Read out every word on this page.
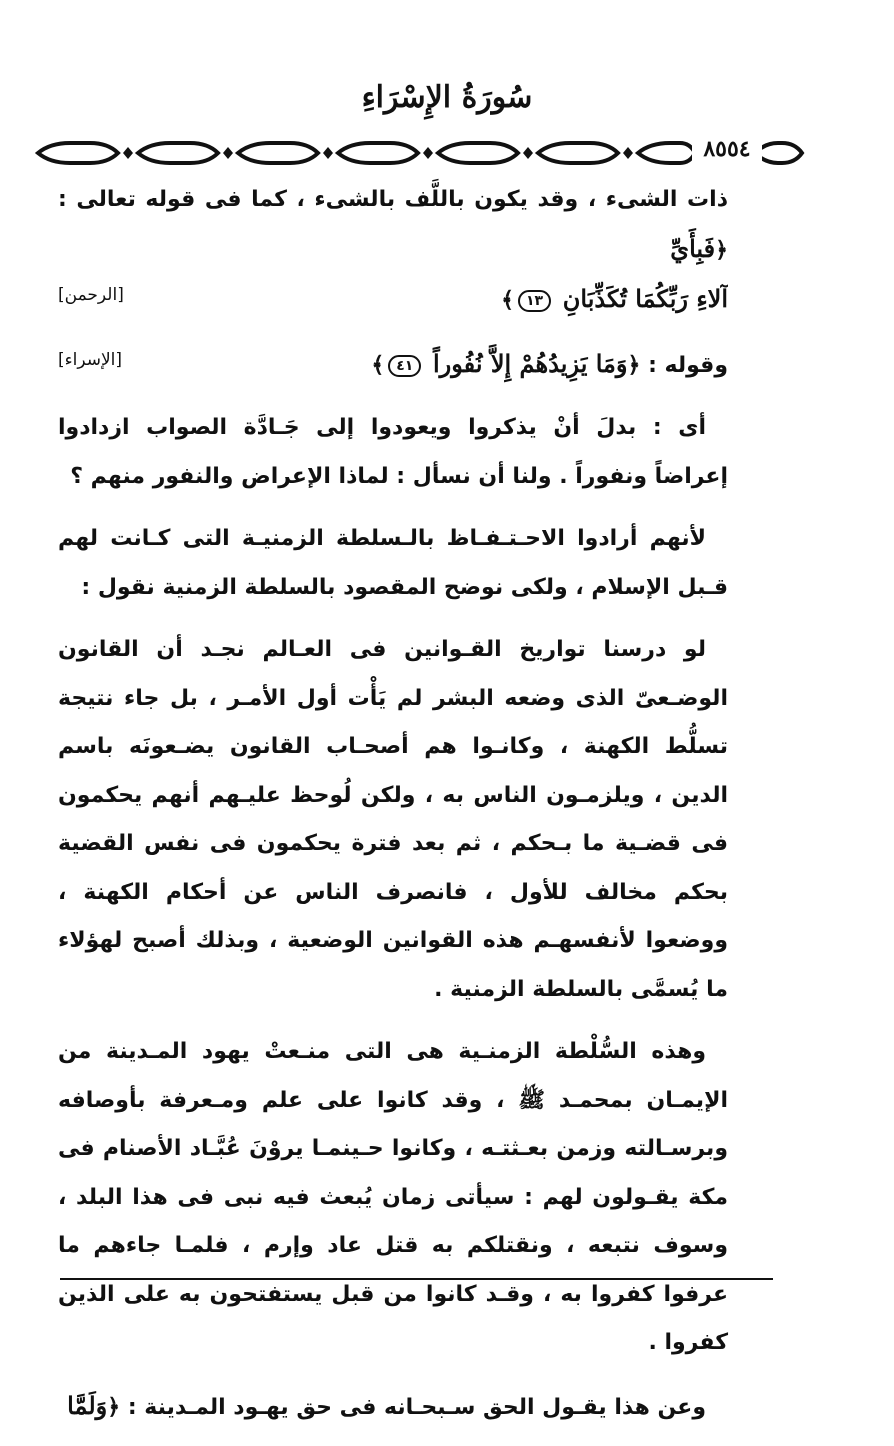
سُورَةُ الإِسْرَاءِ
٨٥٥٤

ذات الشىء ، وقد يكون باللَّف بالشىء ، كما فى قوله تعالى : ﴿فَبِأَيِّ
[الرحمن]	آلاءِ رَبِّكُمَا تُكَذِّبَانِ ١٣﴾

[الإسراء]	وقوله : ﴿وَمَا يَزِيدُهُمْ إِلاَّ نُفُوراً ٤١﴾

أى : بدلَ أنْ يذكروا ويعودوا إلى جَـادَّة الصواب ازدادوا إعراضاً ونفوراً . ولنا أن نسأل : لماذا الإعراض والنفور منهم ؟

لأنهم أرادوا الاحـتـفـاظ بالـسلطة الزمنيـة التى كـانت لهم قـبل الإسلام ، ولكى نوضح المقصود بالسلطة الزمنية نقول :

لو درسنا تواريخ القـوانين فى العـالم نجـد أن القانون الوضـعىّ الذى وضعه البشر لم يَأْت أول الأمـر ، بل جاء نتيجة تسلُّط الكهنة ، وكانـوا هم أصحـاب القانون يضـعونَه باسم الدين ، ويلزمـون الناس به ، ولكن لُوحظ عليـهم أنهم يحكمون فى قضـية ما بـحكم ، ثم بعد فترة يحكمون فى نفس القضية بحكم مخالف للأول ، فانصرف الناس عن أحكام الكهنة ، ووضعوا لأنفسهـم هذه القوانين الوضعية ، وبذلك أصبح لهؤلاء ما يُسمَّى بالسلطة الزمنية .

وهذه السُّلْطة الزمنـية هى التى منـعتْ يهود المـدينة من الإيمـان بمحمـد ﷺ ، وقد كانوا على علم ومـعرفة بأوصافه وبرسـالته وزمن بعـثتـه ، وكانوا حـينمـا يروْنَ عُبَّـاد الأصنام فى مكة يقـولون لهم : سيأتى زمان يُبعث فيه نبى فى هذا البلد ، وسوف نتبعه ، ونقتلكم به قتل عاد وإرم ، فلمـا جاءهم ما عرفوا كفروا به ، وقـد كانوا من قبل يستفتحون به على الذين كفروا .

وعن هذا يقـول الحق سـبحـانه فى حق يهـود المـدينة : ﴿وَلَمَّا
